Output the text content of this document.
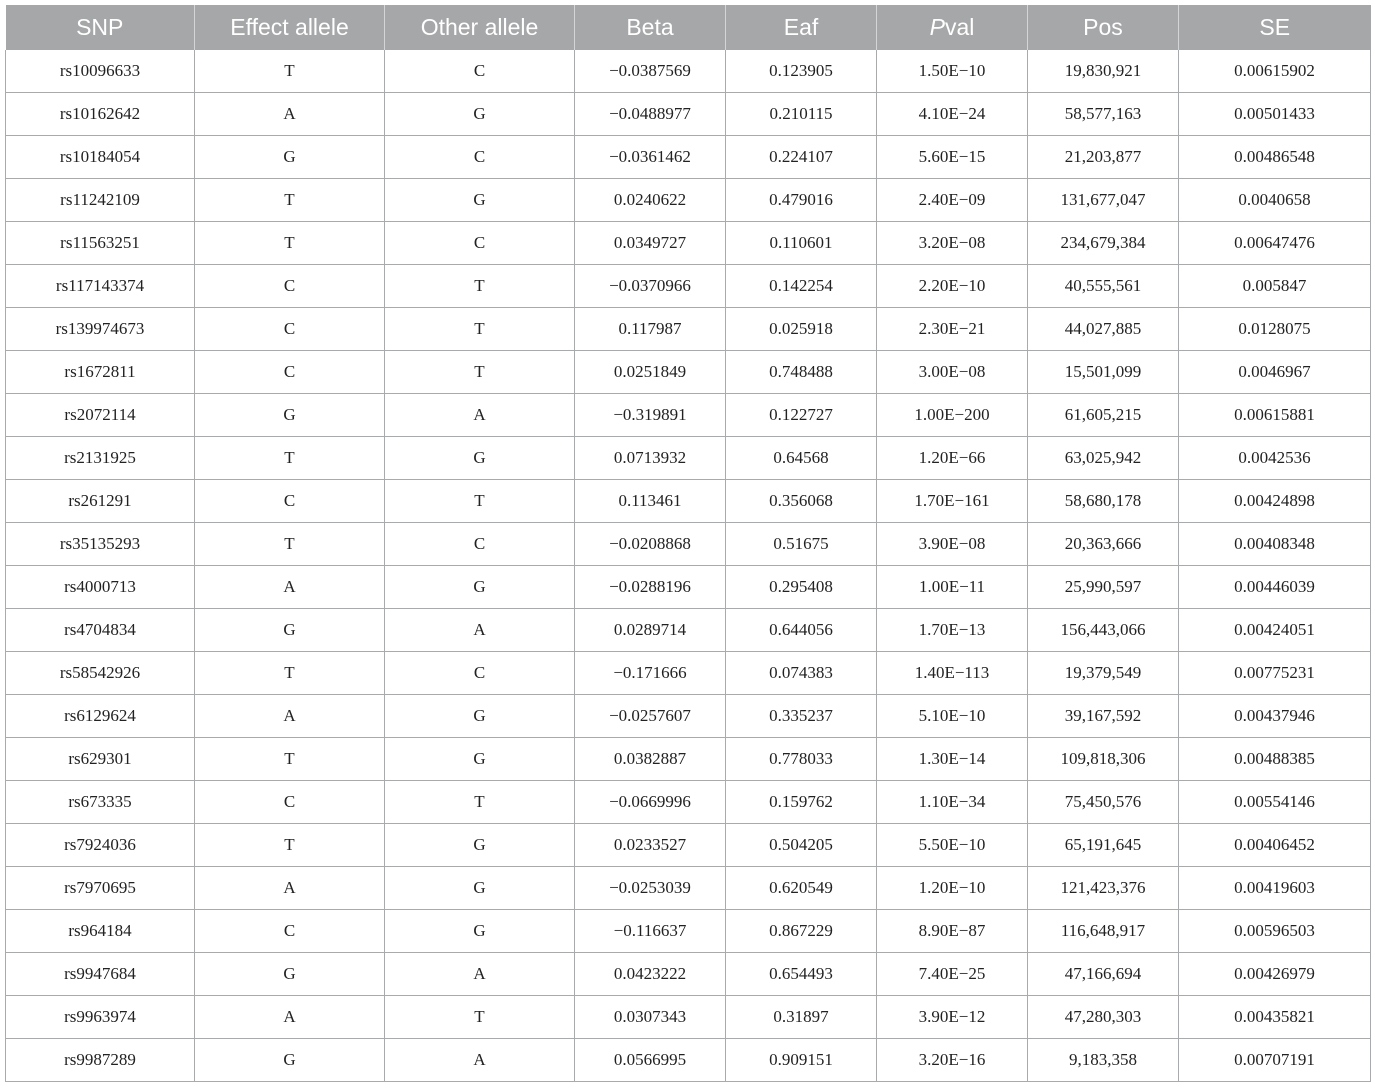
SNP	Effect allele	Other allele	Beta	Eaf	Pval	Pos	SE
rs10096633	T	C	−0.0387569	0.123905	1.50E−10	19,830,921	0.00615902
rs10162642	A	G	−0.0488977	0.210115	4.10E−24	58,577,163	0.00501433
rs10184054	G	C	−0.0361462	0.224107	5.60E−15	21,203,877	0.00486548
rs11242109	T	G	0.0240622	0.479016	2.40E−09	131,677,047	0.0040658
rs11563251	T	C	0.0349727	0.110601	3.20E−08	234,679,384	0.00647476
rs117143374	C	T	−0.0370966	0.142254	2.20E−10	40,555,561	0.005847
rs139974673	C	T	0.117987	0.025918	2.30E−21	44,027,885	0.0128075
rs1672811	C	T	0.0251849	0.748488	3.00E−08	15,501,099	0.0046967
rs2072114	G	A	−0.319891	0.122727	1.00E−200	61,605,215	0.00615881
rs2131925	T	G	0.0713932	0.64568	1.20E−66	63,025,942	0.0042536
rs261291	C	T	0.113461	0.356068	1.70E−161	58,680,178	0.00424898
rs35135293	T	C	−0.0208868	0.51675	3.90E−08	20,363,666	0.00408348
rs4000713	A	G	−0.0288196	0.295408	1.00E−11	25,990,597	0.00446039
rs4704834	G	A	0.0289714	0.644056	1.70E−13	156,443,066	0.00424051
rs58542926	T	C	−0.171666	0.074383	1.40E−113	19,379,549	0.00775231
rs6129624	A	G	−0.0257607	0.335237	5.10E−10	39,167,592	0.00437946
rs629301	T	G	0.0382887	0.778033	1.30E−14	109,818,306	0.00488385
rs673335	C	T	−0.0669996	0.159762	1.10E−34	75,450,576	0.00554146
rs7924036	T	G	0.0233527	0.504205	5.50E−10	65,191,645	0.00406452
rs7970695	A	G	−0.0253039	0.620549	1.20E−10	121,423,376	0.00419603
rs964184	C	G	−0.116637	0.867229	8.90E−87	116,648,917	0.00596503
rs9947684	G	A	0.0423222	0.654493	7.40E−25	47,166,694	0.00426979
rs9963974	A	T	0.0307343	0.31897	3.90E−12	47,280,303	0.00435821
rs9987289	G	A	0.0566995	0.909151	3.20E−16	9,183,358	0.00707191
